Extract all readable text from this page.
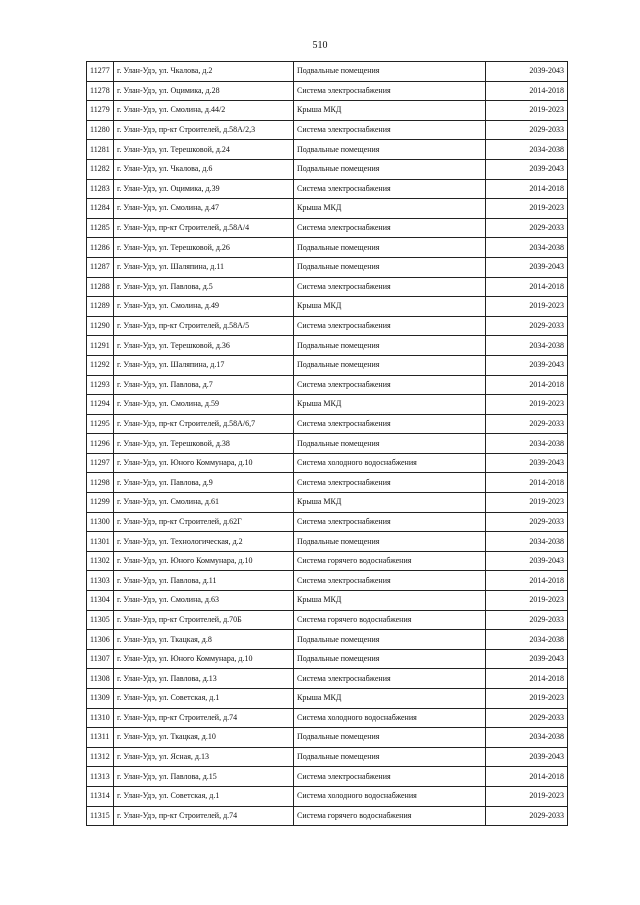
510
11277	г. Улан-Удэ, ул. Чкалова, д.2	Подвальные помещения	2039-2043
11278	г. Улан-Удэ, ул. Оцимика, д.28	Система электроснабжения	2014-2018
11279	г. Улан-Удэ, ул. Смолина, д.44/2	Крыша МКД	2019-2023
11280	г. Улан-Удэ, пр-кт Строителей, д.58А/2,3	Система электроснабжения	2029-2033
11281	г. Улан-Удэ, ул. Терешковой, д.24	Подвальные помещения	2034-2038
11282	г. Улан-Удэ, ул. Чкалова, д.6	Подвальные помещения	2039-2043
11283	г. Улан-Удэ, ул. Оцимика, д.39	Система электроснабжения	2014-2018
11284	г. Улан-Удэ, ул. Смолина, д.47	Крыша МКД	2019-2023
11285	г. Улан-Удэ, пр-кт Строителей, д.58А/4	Система электроснабжения	2029-2033
11286	г. Улан-Удэ, ул. Терешковой, д.26	Подвальные помещения	2034-2038
11287	г. Улан-Удэ, ул. Шаляпина, д.11	Подвальные помещения	2039-2043
11288	г. Улан-Удэ, ул. Павлова, д.5	Система электроснабжения	2014-2018
11289	г. Улан-Удэ, ул. Смолина, д.49	Крыша МКД	2019-2023
11290	г. Улан-Удэ, пр-кт Строителей, д.58А/5	Система электроснабжения	2029-2033
11291	г. Улан-Удэ, ул. Терешковой, д.36	Подвальные помещения	2034-2038
11292	г. Улан-Удэ, ул. Шаляпина, д.17	Подвальные помещения	2039-2043
11293	г. Улан-Удэ, ул. Павлова, д.7	Система электроснабжения	2014-2018
11294	г. Улан-Удэ, ул. Смолина, д.59	Крыша МКД	2019-2023
11295	г. Улан-Удэ, пр-кт Строителей, д.58А/6,7	Система электроснабжения	2029-2033
11296	г. Улан-Удэ, ул. Терешковой, д.38	Подвальные помещения	2034-2038
11297	г. Улан-Удэ, ул. Юного Коммунара, д.10	Система холодного водоснабжения	2039-2043
11298	г. Улан-Удэ, ул. Павлова, д.9	Система электроснабжения	2014-2018
11299	г. Улан-Удэ, ул. Смолина, д.61	Крыша МКД	2019-2023
11300	г. Улан-Удэ, пр-кт Строителей, д.62Г	Система электроснабжения	2029-2033
11301	г. Улан-Удэ, ул. Технологическая, д.2	Подвальные помещения	2034-2038
11302	г. Улан-Удэ, ул. Юного Коммунара, д.10	Система горячего водоснабжения	2039-2043
11303	г. Улан-Удэ, ул. Павлова, д.11	Система электроснабжения	2014-2018
11304	г. Улан-Удэ, ул. Смолина, д.63	Крыша МКД	2019-2023
11305	г. Улан-Удэ, пр-кт Строителей, д.70Б	Система горячего водоснабжения	2029-2033
11306	г. Улан-Удэ, ул. Ткацкая, д.8	Подвальные помещения	2034-2038
11307	г. Улан-Удэ, ул. Юного Коммунара, д.10	Подвальные помещения	2039-2043
11308	г. Улан-Удэ, ул. Павлова, д.13	Система электроснабжения	2014-2018
11309	г. Улан-Удэ, ул. Советская, д.1	Крыша МКД	2019-2023
11310	г. Улан-Удэ, пр-кт Строителей, д.74	Система холодного водоснабжения	2029-2033
11311	г. Улан-Удэ, ул. Ткацкая, д.10	Подвальные помещения	2034-2038
11312	г. Улан-Удэ, ул. Ясная, д.13	Подвальные помещения	2039-2043
11313	г. Улан-Удэ, ул. Павлова, д.15	Система электроснабжения	2014-2018
11314	г. Улан-Удэ, ул. Советская, д.1	Система холодного водоснабжения	2019-2023
11315	г. Улан-Удэ, пр-кт Строителей, д.74	Система горячего водоснабжения	2029-2033
